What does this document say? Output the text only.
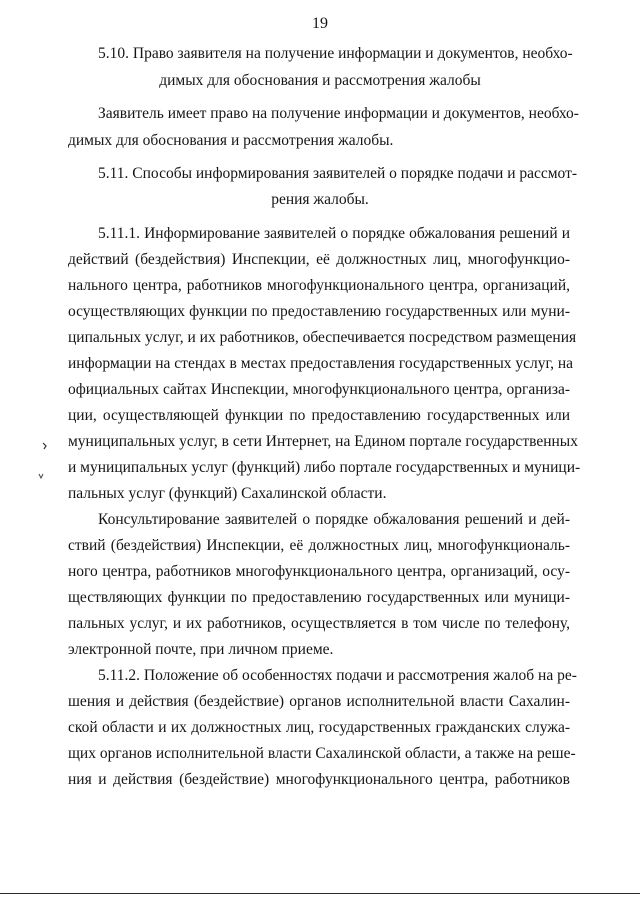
19

5.10. Право заявителя на получение информации и документов, необхо-

димых для обоснования и рассмотрения жалобы

Заявитель имеет право на получение информации и документов, необхо-

димых для обоснования и рассмотрения жалобы.

5.11. Способы информирования заявителей о порядке подачи и рассмот-

рения жалобы.

5.11.1. Информирование заявителей о порядке обжалования решений и

действий (бездействия) Инспекции, её должностных лиц, многофункцио-

нального центра, работников многофункционального центра, организаций,

осуществляющих функции по предоставлению государственных или муни-

ципальных услуг, и их работников, обеспечивается посредством размещения

информации на стендах в местах предоставления государственных услуг, на

официальных сайтах Инспекции, многофункционального центра, организа-

ции, осуществляющей функции по предоставлению государственных или

муниципальных услуг, в сети Интернет, на Едином портале государственных

и муниципальных услуг (функций) либо портале государственных и муници-

пальных услуг (функций) Сахалинской области.

Консультирование заявителей о порядке обжалования решений и дей-

ствий (бездействия) Инспекции, её должностных лиц, многофункциональ-

ного центра, работников многофункционального центра, организаций, осу-

ществляющих функции по предоставлению государственных или муници-

пальных услуг, и их работников, осуществляется в том числе по телефону,

электронной почте, при личном приеме.

5.11.2. Положение об особенностях подачи и рассмотрения жалоб на ре-

шения и действия (бездействие) органов исполнительной власти Сахалин-

ской области и их должностных лиц, государственных гражданских служа-

щих органов исполнительной власти Сахалинской области, а также на реше-

ния и действия (бездействие) многофункционального центра, работников
